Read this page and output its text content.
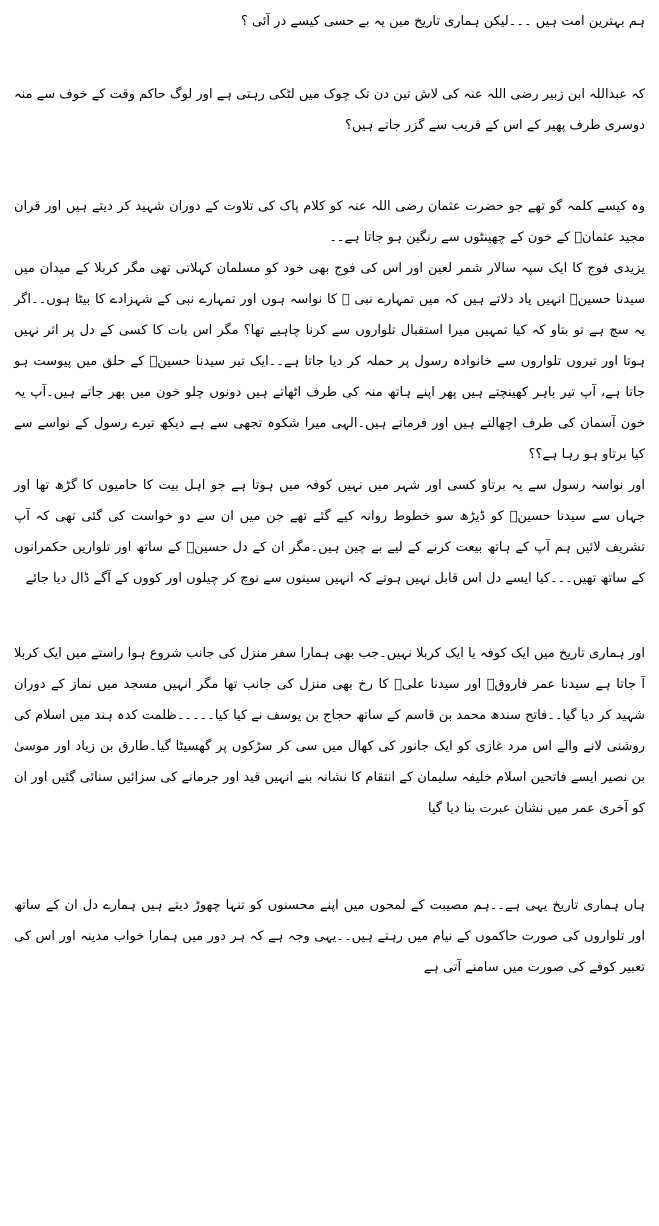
ہم بہترین امت ہیں ۔۔۔لیکن ہماری تاریخ میں یہ بے حسی کیسے در آئی ؟

کہ عبداللہ ابن زبیر رضی اللہ عنہ کی لاش تین دن تک چوک میں لٹکی رہتی ہے اور لوگ حاکم وقت کے خوف سے منہ دوسری طرف پھیر کے اس کے قریب سے گزر جاتے ہیں؟

وہ کیسے کلمہ گو تھے جو حضرت عثمان رضی اللہ عنہ کو کلام پاک کی تلاوت کے دوران شہید کر دیتے ہیں اور قران مجید عثمانؓ کے خون کے چھینٹوں سے رنگین ہو جاتا ہے۔۔

یزیدی فوج کا ایک سپہ سالار شمر لعین اور اس کی فوج بھی خود کو مسلمان کہلاتی تھی مگر کربلا کے میدان میں سیدنا حسینؓ انہیں یاد دلاتے ہیں کہ میں تمہارے نبی ﷺ کا نواسہ ہوں اور تمہارے نبی کے شہزادے کا بیٹا ہوں۔۔اگر یہ سچ ہے تو بتاو کہ کیا تمہیں میرا استقبال تلواروں سے کرنا چاہیے تھا؟ مگر اس بات کا کسی کے دل پر اثر نہیں ہوتا اور تیروں تلواروں سے خانوادہ رسول پر حملہ کر دیا جاتا ہے۔۔ایک تیر سیدنا حسینؓ کے حلق میں پیوست ہو جاتا ہے، آپ تیر باہر کھینچتے ہیں پھر اپنے ہاتھ منہ کی طرف اٹھاتے ہیں دونوں چلو خون میں بھر جاتے ہیں۔آپ یہ خون آسمان کی طرف اچھالتے ہیں اور فرماتے ہیں۔الہی میرا شکوہ تجھی سے ہے دیکھ تیرے رسول کے نواسے سے کیا برتاو ہو رہا ہے؟؟

اور نواسہ رسول سے یہ برتاو کسی اور شہر میں نہیں کوفہ میں ہوتا ہے جو اہل بیت کا حامیوں کا گڑھ تھا اور جہاں سے سیدنا حسینؓ کو ڈیڑھ سو خطوط روانہ کیے گئے تھے جن میں ان سے دو خواست کی گئی تھی کہ آپ تشریف لائیں ہم آپ کے ہاتھ بیعت کرنے کے لیے بے چین ہیں۔مگر ان کے دل حسینؓ کے ساتھ اور تلواریں حکمرانوں کے ساتھ تھیں۔۔۔کیا ایسے دل اس قابل نہیں ہوتے کہ انہیں سینوں سے نوچ کر چیلوں اور کووں کے آگے ڈال دیا جائے

اور ہماری تاریخ میں ایک کوفہ یا ایک کربلا نہیں۔جب بھی ہمارا سفر منزل کی جانب شروع ہوا راستے میں ایک کربلا آ جاتا ہے سیدنا عمر فاروقؓ اور سیدنا علیؓ کا رخ بھی منزل کی جانب تھا مگر انہیں مسجد میں نماز کے دوران شہید کر دیا گیا۔۔فاتح سندھ محمد بن قاسم کے ساتھ حجاج بن یوسف نے کیا کیا۔۔۔۔۔ظلمت کدہ ہند میں اسلام کی روشنی لانے والے اس مرد غازی کو ایک جانور کی کھال میں سی کر سڑکوں پر گھسیٹا گیا۔طارق بن زیاد اور موسیٰ بن نصیر ایسے فاتحین اسلام خلیفہ سلیمان کے انتقام کا نشانہ بنے انہیں قید اور جرمانے کی سزائیں سنائی گئیں اور ان کو آخری عمر میں نشان عبرت بنا دیا گیا

ہاں ہماری تاریخ یہی ہے۔۔ہم مصیبت کے لمحوں میں اپنے محسنوں کو تنہا چھوڑ دیتے ہیں ہمارے دل ان کے ساتھ اور تلواروں کی صورت حاکموں کے نیام میں رہتے ہیں۔۔یہی وجہ ہے کہ ہر دور میں ہمارا خواب مدینہ اور اس کی تعبیر کوفے کی صورت میں سامنے آتی ہے
